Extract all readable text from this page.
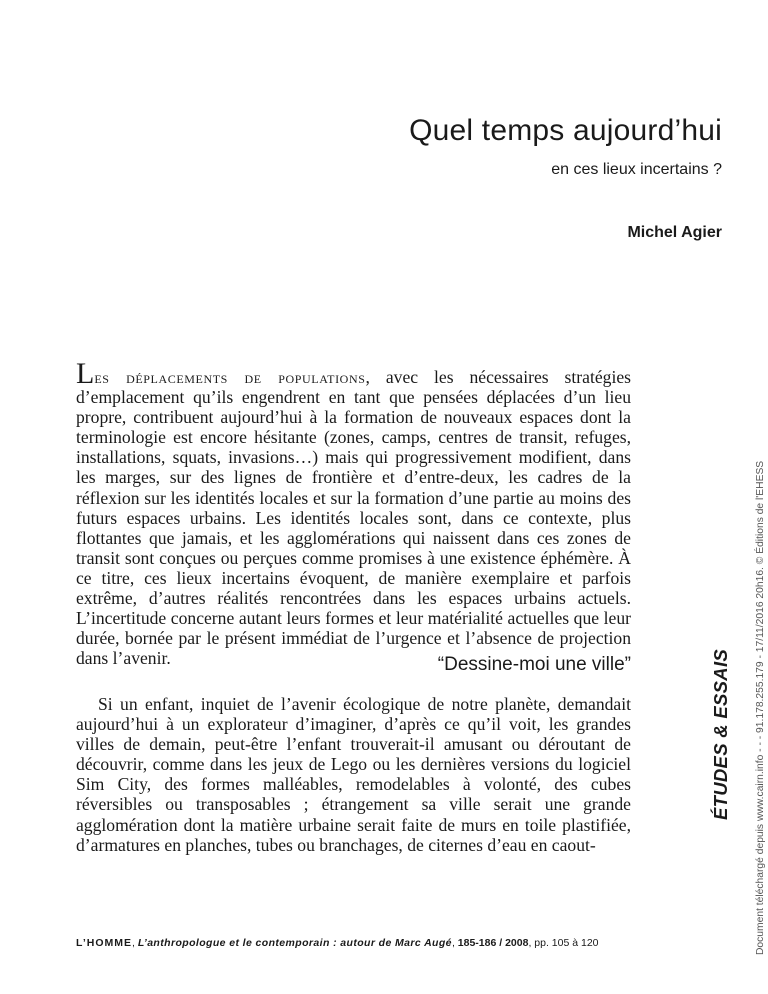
Quel temps aujourd’hui
en ces lieux incertains ?
Michel Agier

Les déplacements de populations, avec les nécessaires stratégies d’emplacement qu’ils engendrent en tant que pensées déplacées d’un lieu propre, contribuent aujourd’hui à la formation de nouveaux espaces dont la terminologie est encore hésitante (zones, camps, centres de transit, refuges, installations, squats, invasions…) mais qui progressivement modifient, dans les marges, sur des lignes de frontière et d’entre-deux, les cadres de la réflexion sur les identités locales et sur la formation d’une partie au moins des futurs espaces urbains. Les identités locales sont, dans ce contexte, plus flottantes que jamais, et les agglomérations qui naissent dans ces zones de transit sont conçues ou perçues comme promises à une existence éphémère. À ce titre, ces lieux incertains évoquent, de manière exemplaire et parfois extrême, d’autres réalités rencontrées dans les espaces urbains actuels. L’incertitude concerne autant leurs formes et leur matérialité actuelles que leur durée, bornée par le présent immédiat de l’urgence et l’absence de projection dans l’avenir.	“Dessine-moi une ville”

Si un enfant, inquiet de l’avenir écologique de notre planète, demandait aujourd’hui à un explorateur d’imaginer, d’après ce qu’il voit, les grandes villes de demain, peut-être l’enfant trouverait-il amusant ou déroutant de découvrir, comme dans les jeux de Lego ou les dernières versions du logiciel Sim City, des formes malléables, remodelables à volonté, des cubes réversibles ou transposables ; étrangement sa ville serait une grande agglomération dont la matière urbaine serait faite de murs en toile plastifiée, d’armatures en planches, tubes ou branchages, de citernes d’eau en caout-

L’HOMME, L’anthropologue et le contemporain : autour de Marc Augé, 185-186 / 2008, pp. 105 à 120
ÉTUDES & ESSAIS Document téléchargé depuis www.cairn.info - - - 91.178.255.179 - 17/11/2016 20h16. © Éditions de l'EHESS
